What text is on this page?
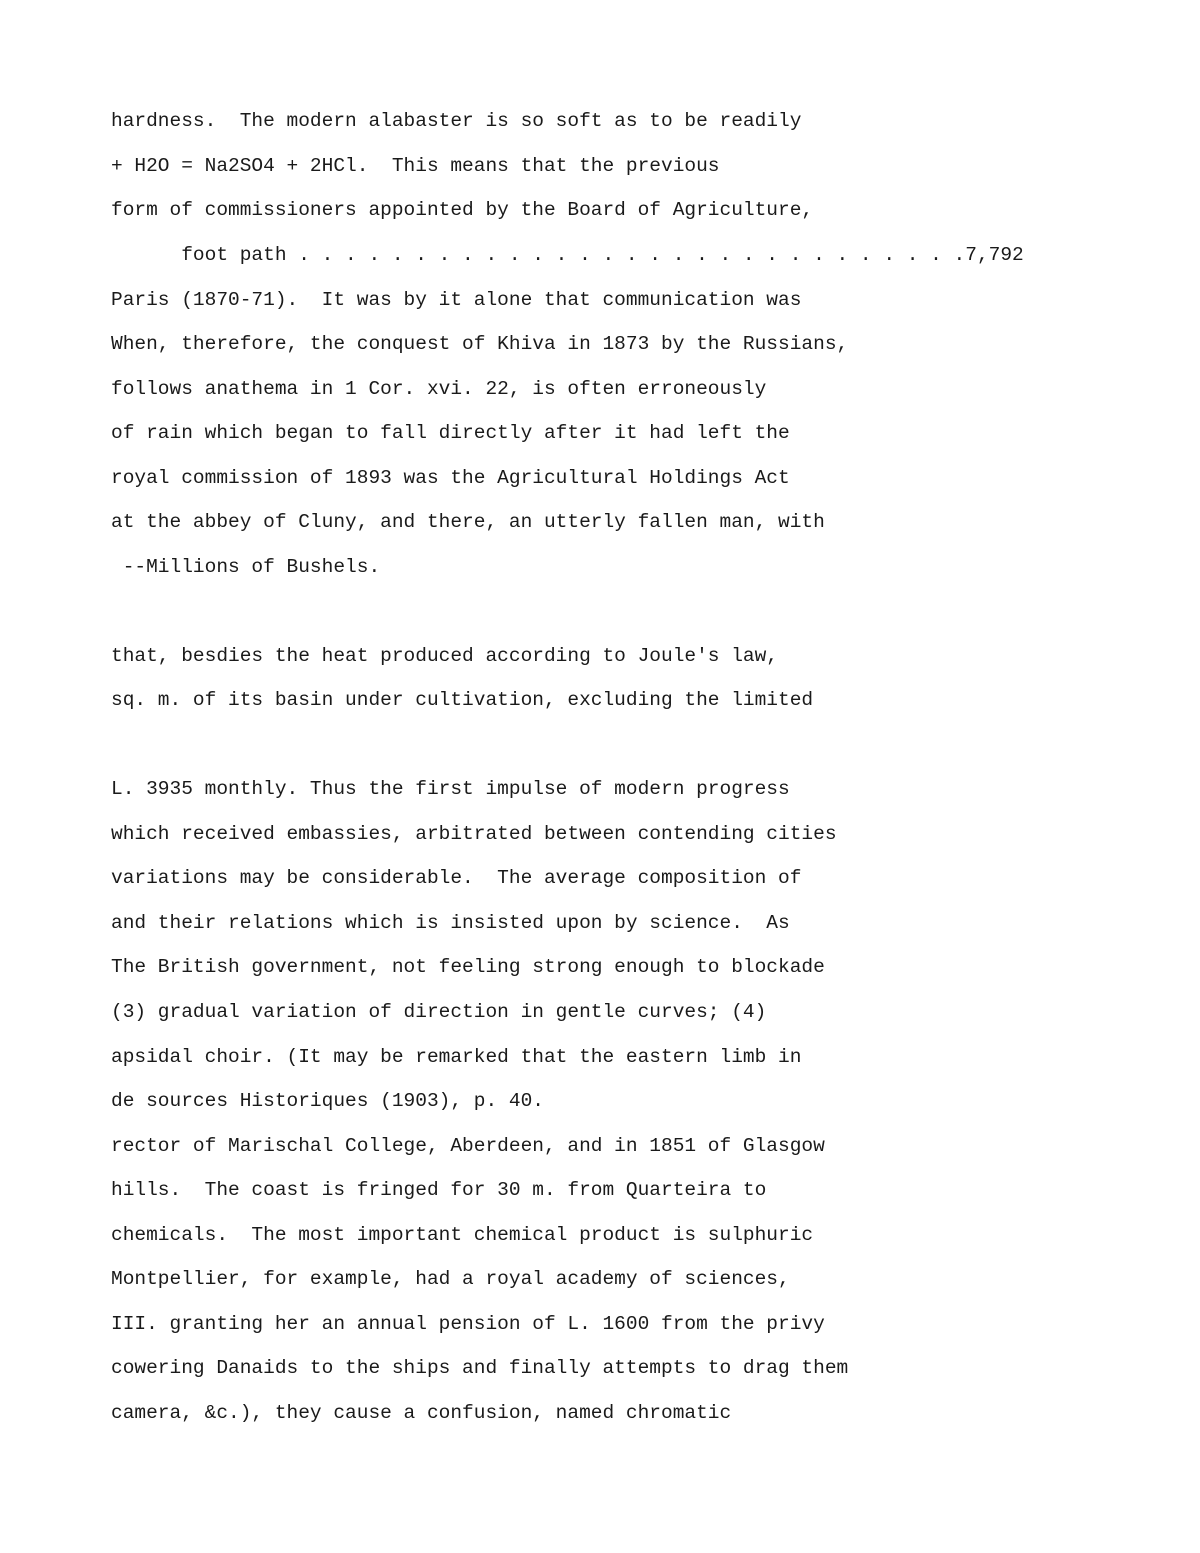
hardness.  The modern alabaster is so soft as to be readily

+ H2O = Na2SO4 + 2HCl.  This means that the previous

form of commissioners appointed by the Board of Agriculture,

foot path . . . . . . . . . . . . . . . . . . . . . . . . . . . . .7,792

Paris (1870-71).  It was by it alone that communication was

When, therefore, the conquest of Khiva in 1873 by the Russians,

follows anathema in 1 Cor. xvi. 22, is often erroneously

of rain which began to fall directly after it had left the

royal commission of 1893 was the Agricultural Holdings Act

at the abbey of Cluny, and there, an utterly fallen man, with

--Millions of Bushels.

that, besdies the heat produced according to Joule's law,

sq. m. of its basin under cultivation, excluding the limited

L. 3935 monthly. Thus the first impulse of modern progress

which received embassies, arbitrated between contending cities

variations may be considerable.  The average composition of

and their relations which is insisted upon by science.  As

The British government, not feeling strong enough to blockade

(3) gradual variation of direction in gentle curves; (4)

apsidal choir. (It may be remarked that the eastern limb in

de sources Historiques (1903), p. 40.

rector of Marischal College, Aberdeen, and in 1851 of Glasgow

hills.  The coast is fringed for 30 m. from Quarteira to

chemicals.  The most important chemical product is sulphuric

Montpellier, for example, had a royal academy of sciences,

III. granting her an annual pension of L. 1600 from the privy

cowering Danaids to the ships and finally attempts to drag them

camera, &c.), they cause a confusion, named chromatic
